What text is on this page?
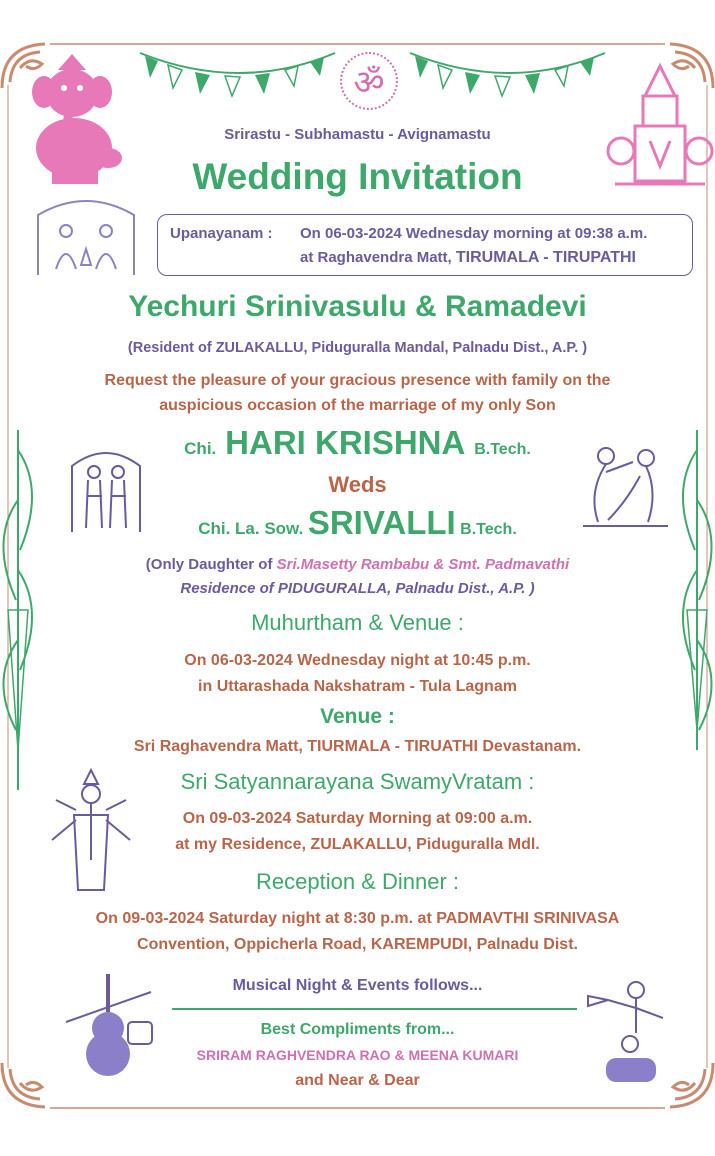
ॐ
Srirastu - Subhamastu - Avignamastu
Wedding Invitation
Upanayanam : On 06-03-2024 Wednesday morning at 09:38 a.m.
at Raghavendra Matt, TIRUMALA - TIRUPATHI
Yechuri Srinivasulu & Ramadevi
(Resident of ZULAKALLU, Piduguralla Mandal, Palnadu Dist., A.P. )
Request the pleasure of your gracious presence with family on the
auspicious occasion of the marriage of my only Son
Chi. HARI KRISHNA B.Tech.
Weds
Chi. La. Sow. SRIVALLI B.Tech.
(Only Daughter of Sri.Masetty Rambabu & Smt. Padmavathi
Residence of PIDUGURALLA, Palnadu Dist., A.P. )
Muhurtham & Venue :
On 06-03-2024 Wednesday night at 10:45 p.m.
in Uttarashada Nakshatram - Tula Lagnam
Venue :
Sri Raghavendra Matt, TIURMALA - TIRUATHI Devastanam.
Sri Satyannarayana SwamyVratam :
On 09-03-2024 Saturday Morning at 09:00 a.m.
at my Residence, ZULAKALLU, Piduguralla Mdl.
Reception & Dinner :
On 09-03-2024 Saturday night at 8:30 p.m. at PADMAVTHI SRINIVASA
Convention, Oppicherla Road, KAREMPUDI, Palnadu Dist.
Musical Night & Events follows...
Best Compliments from...
SRIRAM RAGHVENDRA RAO & MEENA KUMARI
and Near & Dear
